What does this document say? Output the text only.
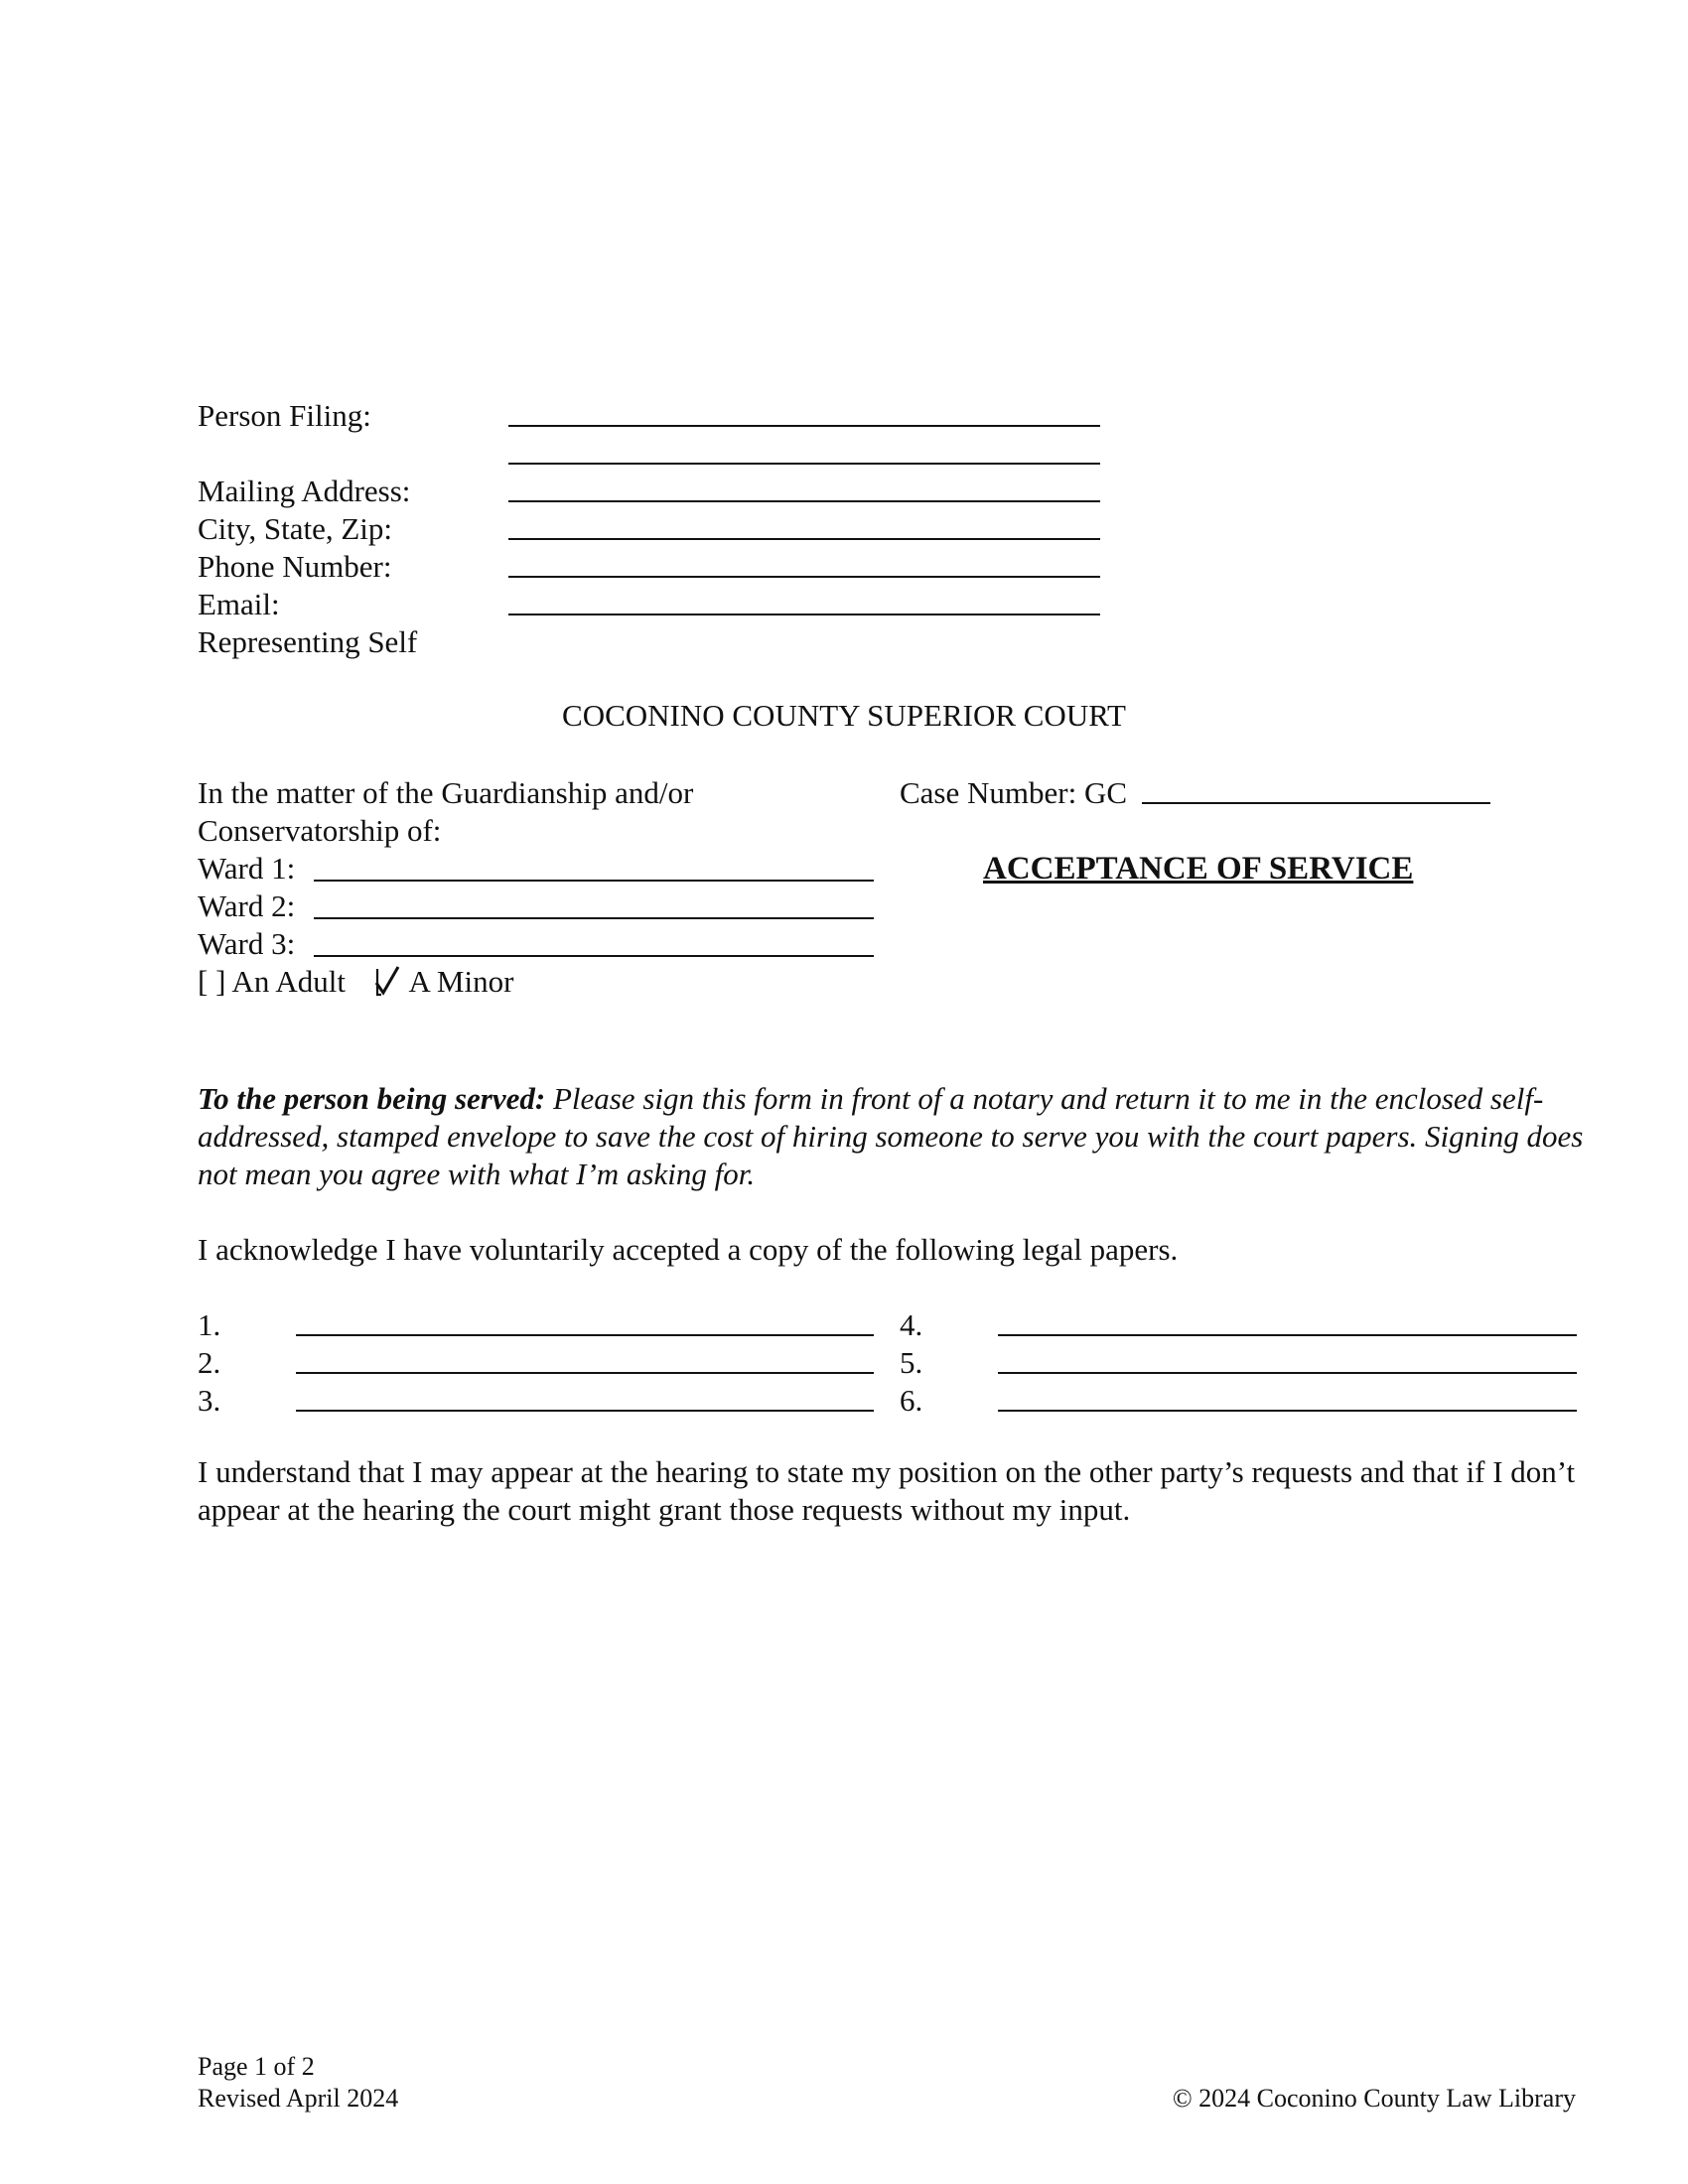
Person Filing:
Mailing Address:
City, State, Zip:
Phone Number:
Email:
Representing Self
COCONINO COUNTY SUPERIOR COURT
In the matter of the Guardianship and/or
Conservatorship of:
Ward 1:
Ward 2:
Ward 3:
[ ] An Adult A Minor
Case Number: GC
ACCEPTANCE OF SERVICE
To the person being served: Please sign this form in front of a notary and return it to me in the enclosed self-addressed, stamped envelope to save the cost of hiring someone to serve you with the court papers. Signing does not mean you agree with what I’m asking for.
I acknowledge I have voluntarily accepted a copy of the following legal papers.
1.
2.
3.
4.
5.
6.
I understand that I may appear at the hearing to state my position on the other party’s requests and that if I don’t appear at the hearing the court might grant those requests without my input.
Page 1 of 2
Revised April 2024	© 2024 Coconino County Law Library
